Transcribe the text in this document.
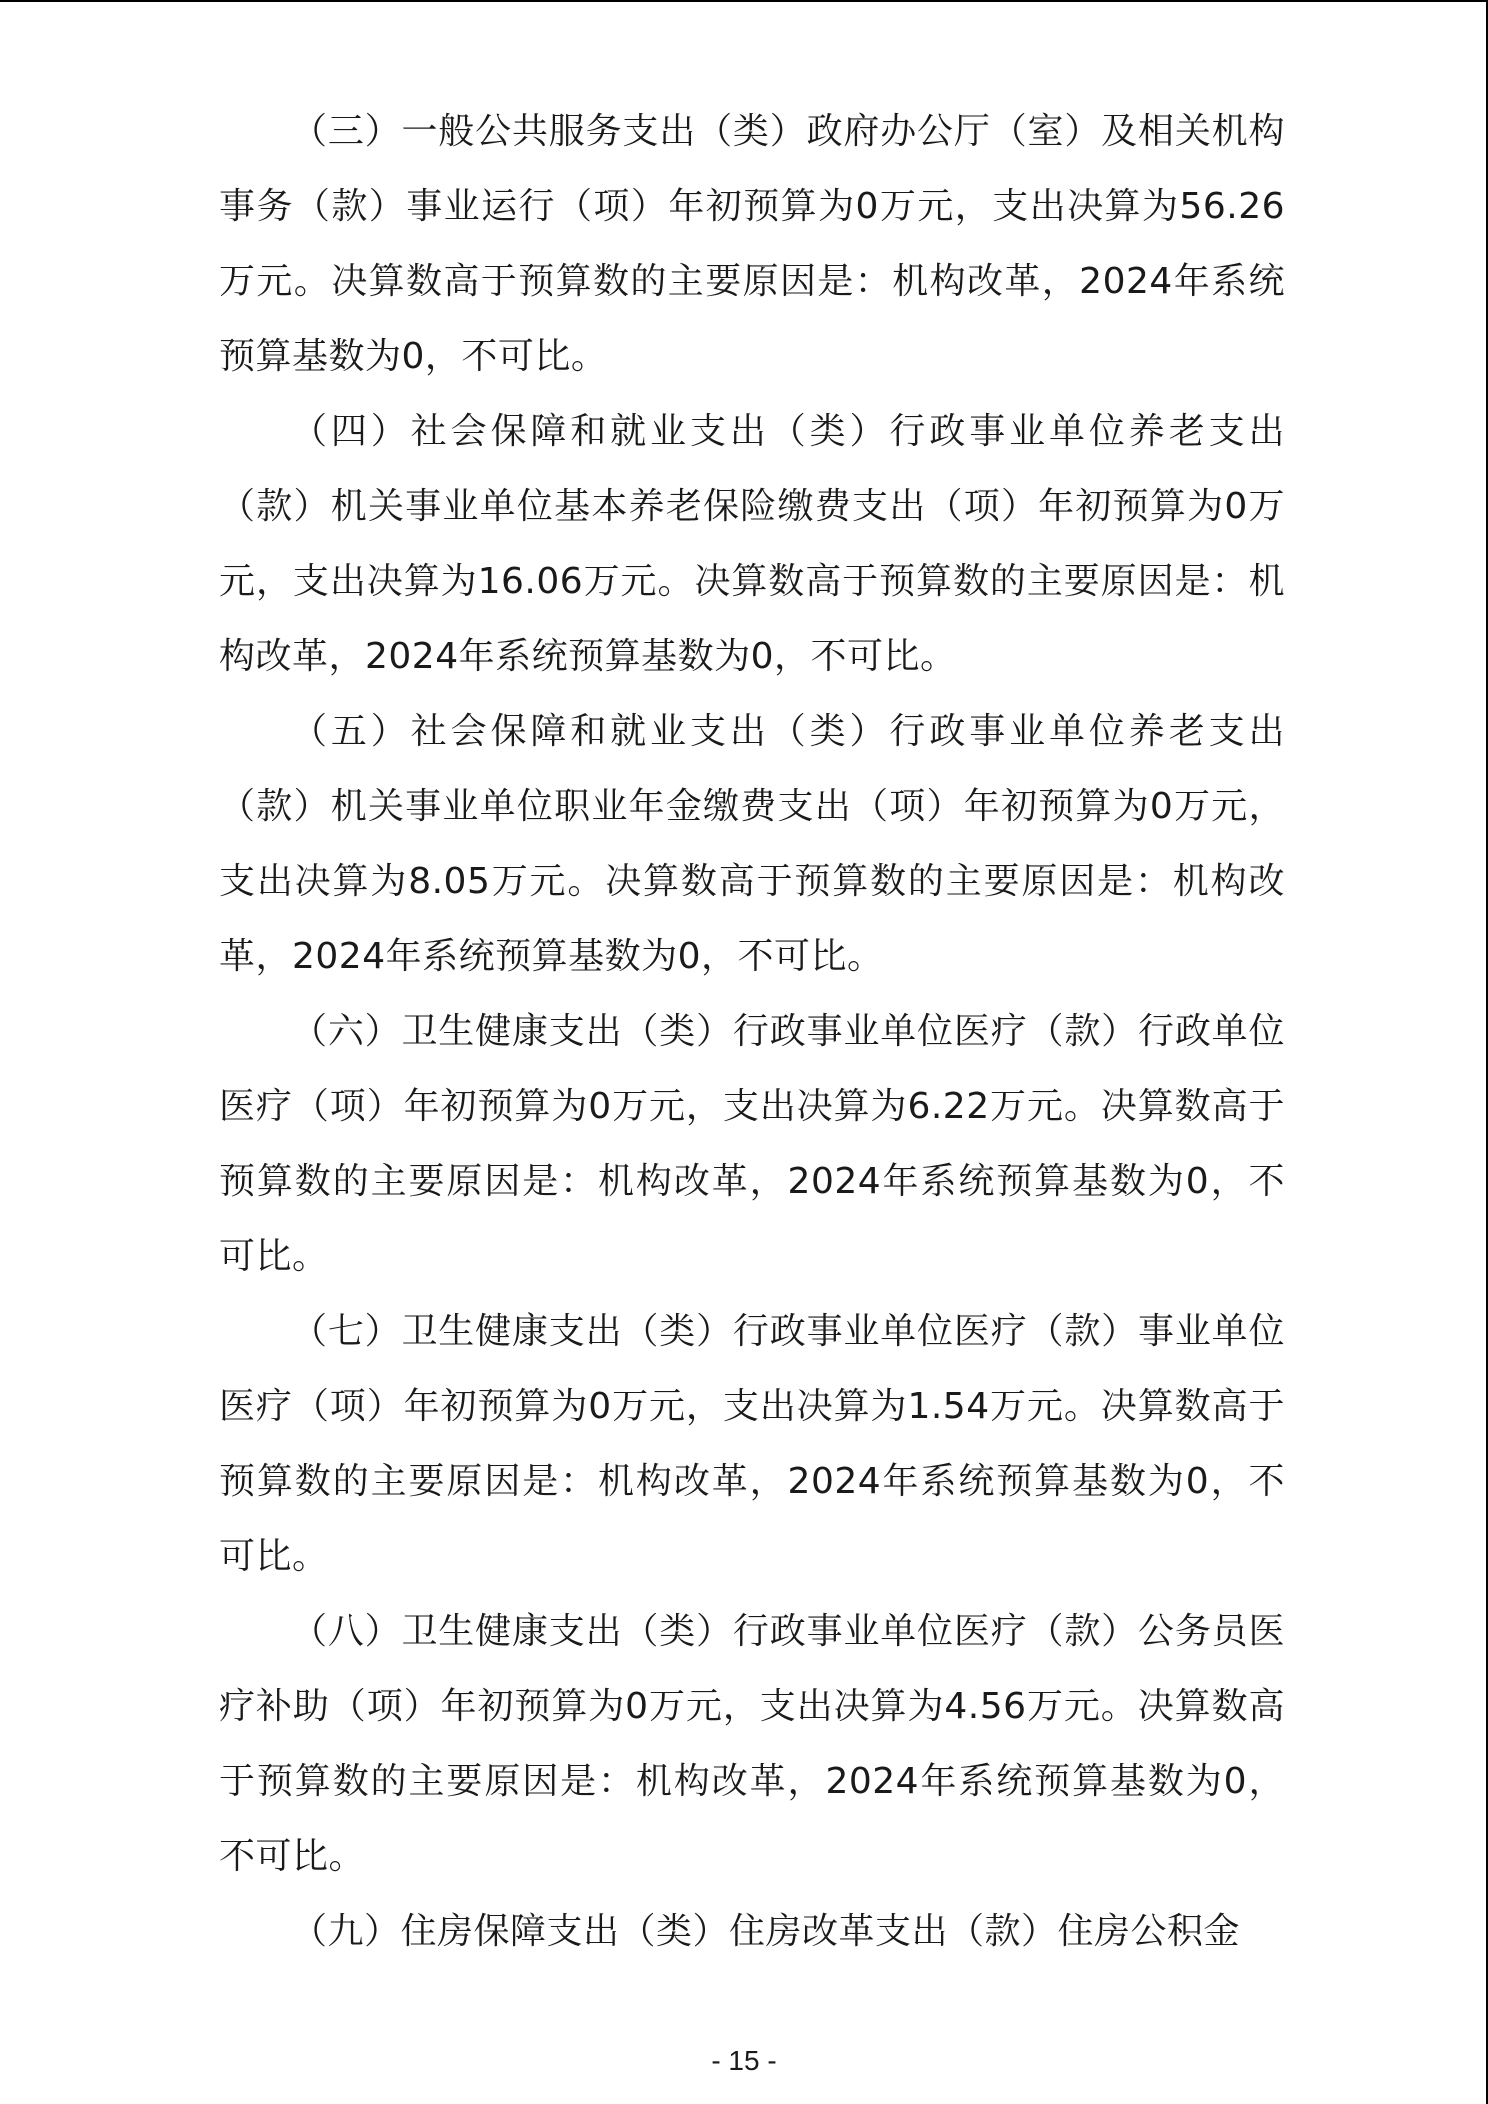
（三）一般公共服务支出（类）政府办公厅（室）及相关机构事务（款）事业运行（项）年初预算为0万元，支出决算为56.26万元。决算数高于预算数的主要原因是：机构改革，2024年系统预算基数为0，不可比。

（四）社会保障和就业支出（类）行政事业单位养老支出（款）机关事业单位基本养老保险缴费支出（项）年初预算为0万元，支出决算为16.06万元。决算数高于预算数的主要原因是：机构改革，2024年系统预算基数为0，不可比。

（五）社会保障和就业支出（类）行政事业单位养老支出（款）机关事业单位职业年金缴费支出（项）年初预算为0万元，支出决算为8.05万元。决算数高于预算数的主要原因是：机构改革，2024年系统预算基数为0，不可比。

（六）卫生健康支出（类）行政事业单位医疗（款）行政单位医疗（项）年初预算为0万元，支出决算为6.22万元。决算数高于预算数的主要原因是：机构改革，2024年系统预算基数为0，不可比。

（七）卫生健康支出（类）行政事业单位医疗（款）事业单位医疗（项）年初预算为0万元，支出决算为1.54万元。决算数高于预算数的主要原因是：机构改革，2024年系统预算基数为0，不可比。

（八）卫生健康支出（类）行政事业单位医疗（款）公务员医疗补助（项）年初预算为0万元，支出决算为4.56万元。决算数高于预算数的主要原因是：机构改革，2024年系统预算基数为0，不可比。

（九）住房保障支出（类）住房改革支出（款）住房公积金

- 15 -
